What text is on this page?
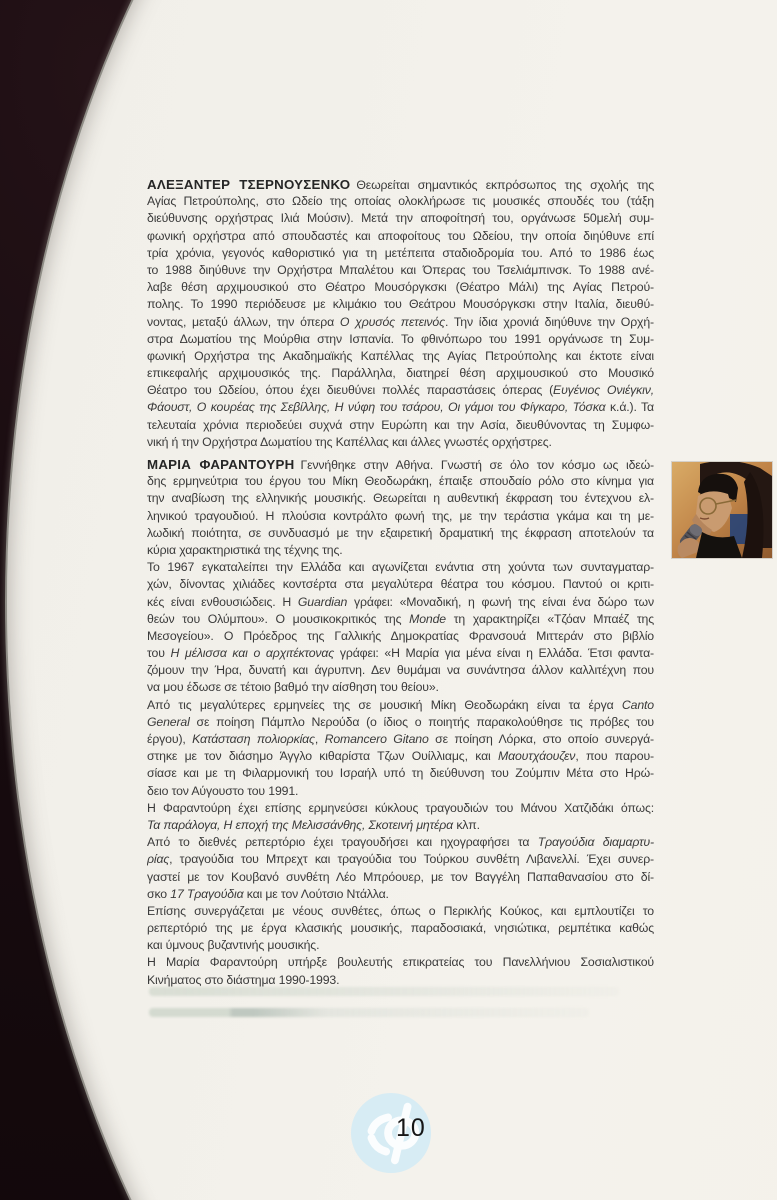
ΑΛΕΞΑΝΤΕΡ ΤΣΕΡΝΟΥΣΕΝΚΟ Θεωρείται σημαντικός εκπρόσωπος της σχολής της
Αγίας Πετρούπολης, στο Ωδείο της οποίας ολοκλήρωσε τις μουσικές σπουδές του (τάξη
διεύθυνσης ορχήστρας Ιλιά Μούσιν). Μετά την αποφοίτησή του, οργάνωσε 50μελή συμ-
φωνική ορχήστρα από σπουδαστές και αποφοίτους του Ωδείου, την οποία διηύθυνε επί
τρία χρόνια, γεγονός καθοριστικό για τη μετέπειτα σταδιοδρομία του. Από το 1986 έως
το 1988 διηύθυνε την Ορχήστρα Μπαλέτου και Όπερας του Τσελιάμπινσκ. Το 1988 ανέ-
λαβε θέση αρχιμουσικού στο Θέατρο Μουσόργκσκι (Θέατρο Μάλι) της Αγίας Πετρού-
πολης. Το 1990 περιόδευσε με κλιμάκιο του Θεάτρου Μουσόργκσκι στην Ιταλία, διευθύ-
νοντας, μεταξύ άλλων, την όπερα Ο χρυσός πετεινός. Την ίδια χρονιά διηύθυνε την Ορχή-
στρα Δωματίου της Μούρθια στην Ισπανία. Το φθινόπωρο του 1991 οργάνωσε τη Συμ-
φωνική Ορχήστρα της Ακαδημαϊκής Καπέλλας της Αγίας Πετρούπολης και έκτοτε είναι
επικεφαλής αρχιμουσικός της. Παράλληλα, διατηρεί θέση αρχιμουσικού στο Μουσικό
Θέατρο του Ωδείου, όπου έχει διευθύνει πολλές παραστάσεις όπερας (Ευγένιος Ονιέγκιν,
Φάουστ, Ο κουρέας της Σεβίλλης, Η νύφη του τσάρου, Οι γάμοι του Φίγκαρο, Τόσκα κ.ά.). Τα
τελευταία χρόνια περιοδεύει συχνά στην Ευρώπη και την Ασία, διευθύνοντας τη Συμφω-
νική ή την Ορχήστρα Δωματίου της Καπέλλας και άλλες γνωστές ορχήστρες.
ΜΑΡΙΑ ΦΑΡΑΝΤΟΥΡΗ Γεννήθηκε στην Αθήνα. Γνωστή σε όλο τον κόσμο ως ιδεώ-
δης ερμηνεύτρια του έργου του Μίκη Θεοδωράκη, έπαιξε σπουδαίο ρόλο στο κίνημα για
την αναβίωση της ελληνικής μουσικής. Θεωρείται η αυθεντική έκφραση του έντεχνου ελ-
ληνικού τραγουδιού. Η πλούσια κοντράλτο φωνή της, με την τεράστια γκάμα και τη με-
λωδική ποιότητα, σε συνδυασμό με την εξαιρετική δραματική της έκφραση αποτελούν τα
κύρια χαρακτηριστικά της τέχνης της.
Το 1967 εγκαταλείπει την Ελλάδα και αγωνίζεται ενάντια στη χούντα των συνταγματαρ-
χών, δίνοντας χιλιάδες κοντσέρτα στα μεγαλύτερα θέατρα του κόσμου. Παντού οι κριτι-
κές είναι ενθουσιώδεις. Η Guardian γράφει: «Μοναδική, η φωνή της είναι ένα δώρο των
θεών του Ολύμπου». Ο μουσικοκριτικός της Monde τη χαρακτηρίζει «Τζόαν Μπαέζ της
Μεσογείου». Ο Πρόεδρος της Γαλλικής Δημοκρατίας Φρανσουά Μιττεράν στο βιβλίο
του Η μέλισσα και ο αρχιτέκτονας γράφει: «Η Μαρία για μένα είναι η Ελλάδα. Έτσι φαντα-
ζόμουν την Ήρα, δυνατή και άγρυπνη. Δεν θυμάμαι να συνάντησα άλλον καλλιτέχνη που
να μου έδωσε σε τέτοιο βαθμό την αίσθηση του θείου».
Από τις μεγαλύτερες ερμηνείες της σε μουσική Μίκη Θεοδωράκη είναι τα έργα Canto
General σε ποίηση Πάμπλο Νερούδα (ο ίδιος ο ποιητής παρακολούθησε τις πρόβες του
έργου), Κατάσταση πολιορκίας, Romancero Gitano σε ποίηση Λόρκα, στο οποίο συνεργά-
στηκε με τον διάσημο Άγγλο κιθαρίστα Τζων Ουίλλιαμς, και Μαουτχάουζεν, που παρου-
σίασε και με τη Φιλαρμονική του Ισραήλ υπό τη διεύθυνση του Ζούμπιν Μέτα στο Ηρώ-
δειο τον Αύγουστο του 1991.
Η Φαραντούρη έχει επίσης ερμηνεύσει κύκλους τραγουδιών του Μάνου Χατζιδάκι όπως:
Τα παράλογα, Η εποχή της Μελισσάνθης, Σκοτεινή μητέρα κλπ.
Από το διεθνές ρεπερτόριο έχει τραγουδήσει και ηχογραφήσει τα Τραγούδια διαμαρτυ-
ρίας, τραγούδια του Μπρεχτ και τραγούδια του Τούρκου συνθέτη Λιβανελλί. Έχει συνερ-
γαστεί με τον Κουβανό συνθέτη Λέο Μπρόουερ, με τον Βαγγέλη Παπαθανασίου στο δί-
σκο 17 Τραγούδια και με τον Λούτσιο Ντάλλα.
Επίσης συνεργάζεται με νέους συνθέτες, όπως ο Περικλής Κούκος, και εμπλουτίζει το
ρεπερτόριό της με έργα κλασικής μουσικής, παραδοσιακά, νησιώτικα, ρεμπέτικα καθώς
και ύμνους βυζαντινής μουσικής.
Η Μαρία Φαραντούρη υπήρξε βουλευτής επικρατείας του Πανελλήνιου Σοσιαλιστικού
Κινήματος στο διάστημα 1990-1993.
10
